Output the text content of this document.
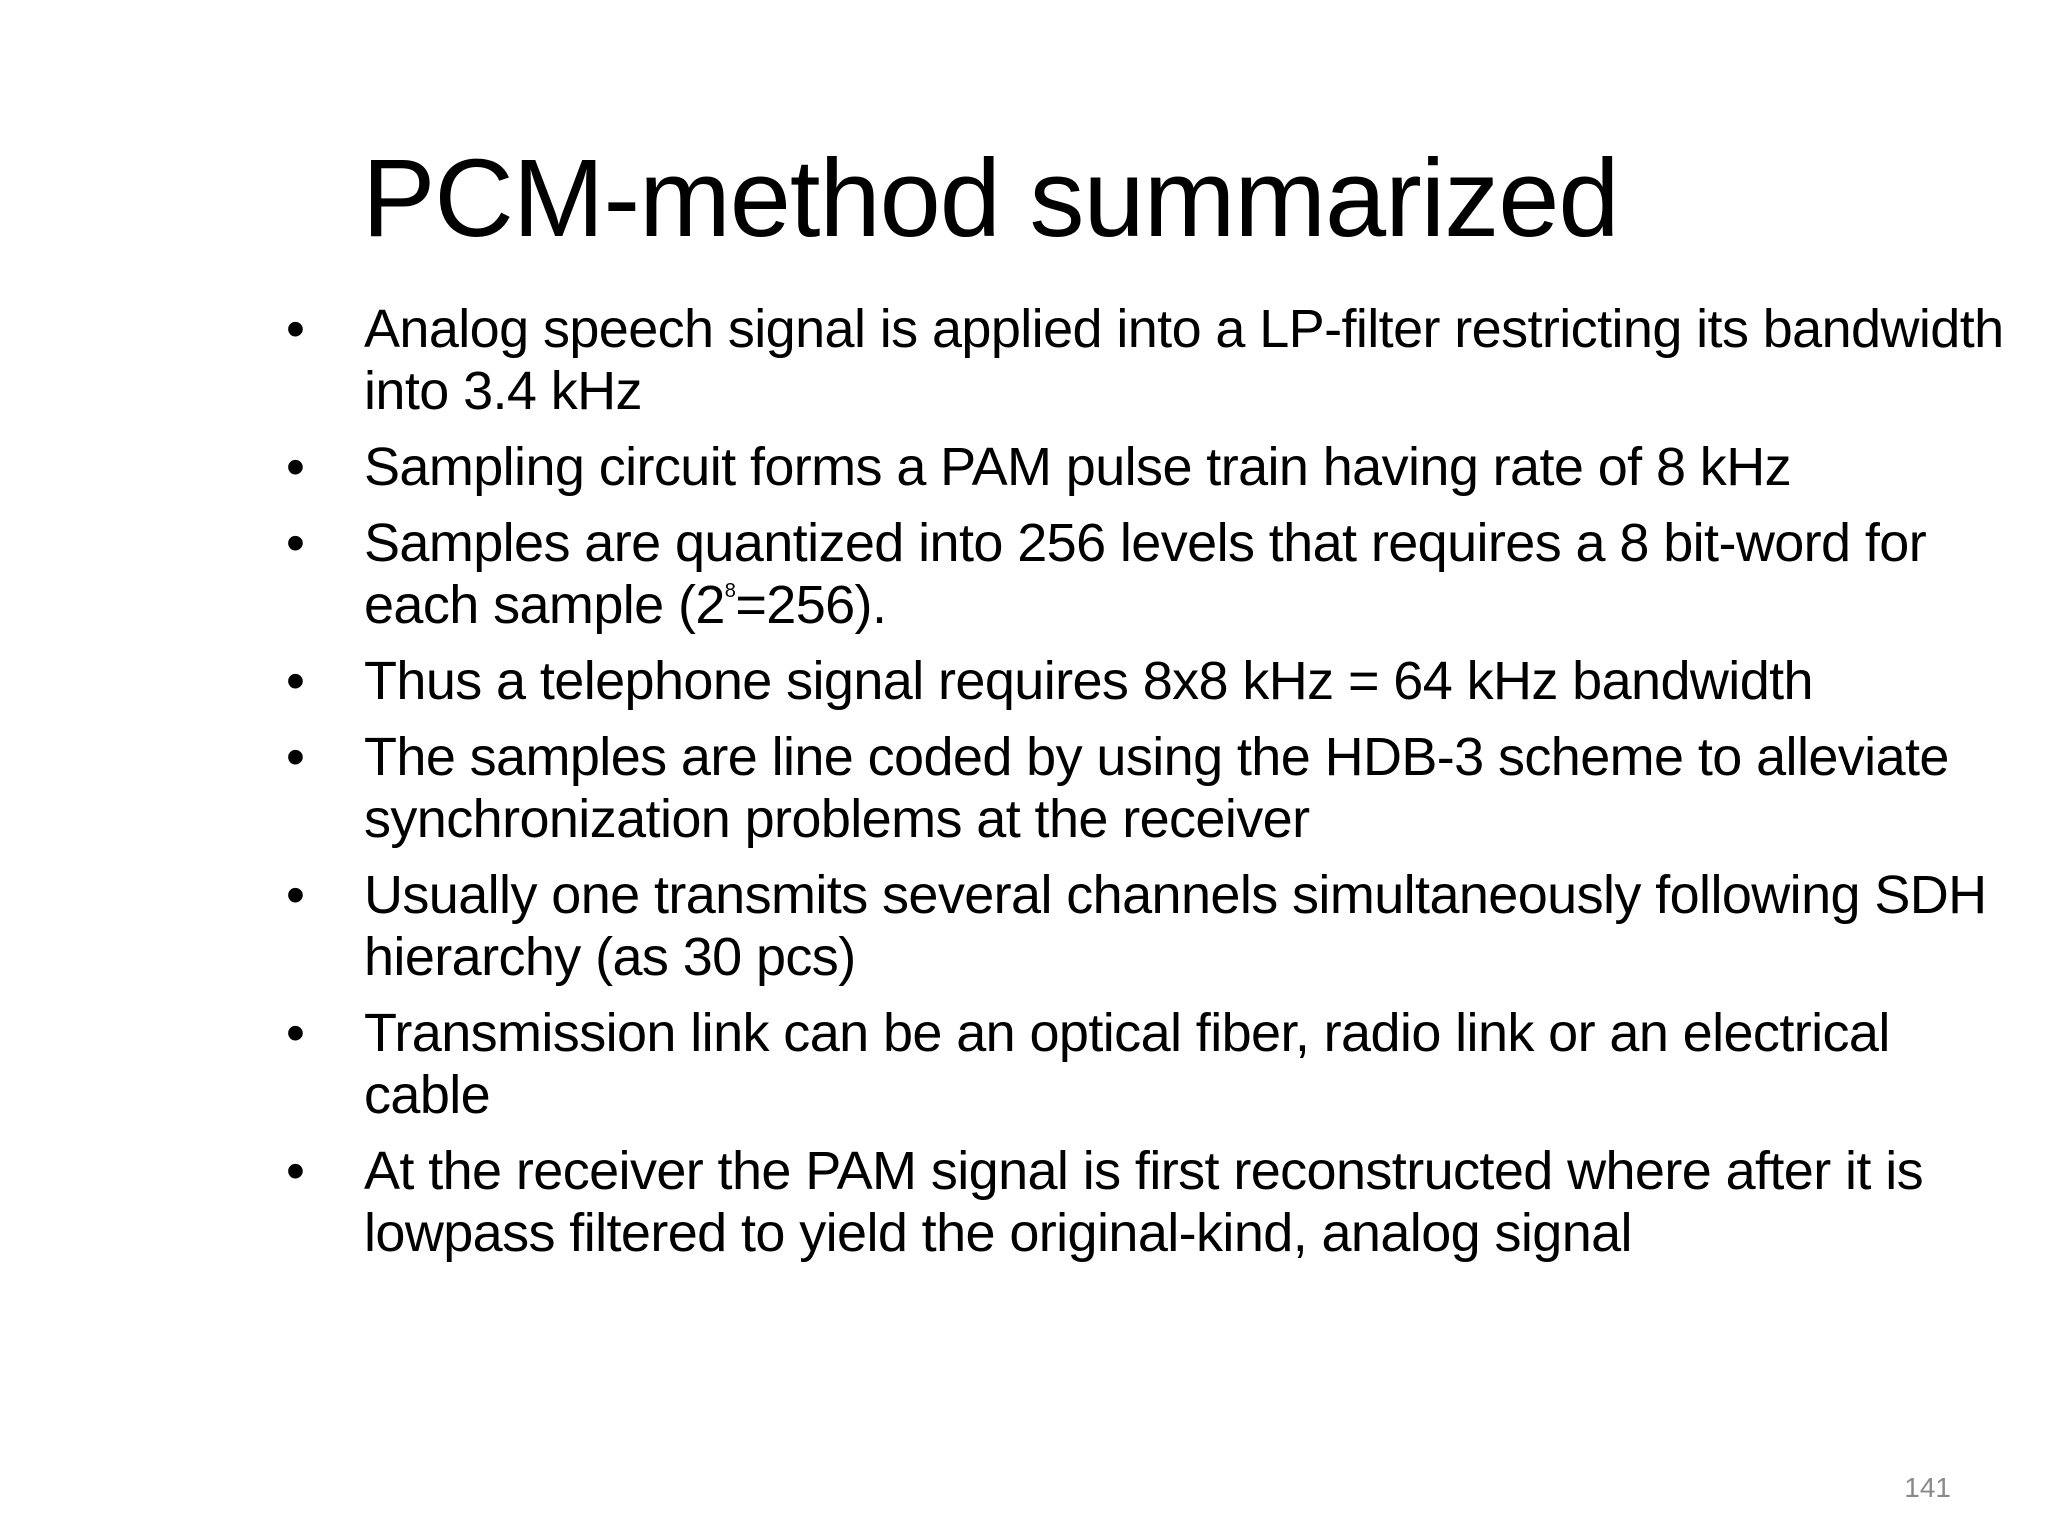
PCM-method summarized
• Analog speech signal is applied into a LP-filter restricting its bandwidth into 3.4 kHz
• Sampling circuit forms a PAM pulse train having rate of 8 kHz
• Samples are quantized into 256 levels that requires a 8 bit-word for each sample $(2^8=256)$.
• Thus a telephone signal requires 8x8 kHz = 64 kHz bandwidth
• The samples are line coded by using the HDB-3 scheme to alleviate synchronization problems at the receiver
• Usually one transmits several channels simultaneously following SDH hierarchy (as 30 pcs)
• Transmission link can be an optical fiber, radio link or an electrical cable
• At the receiver the PAM signal is first reconstructed where after it is lowpass filtered to yield the original-kind, analog signal
141
